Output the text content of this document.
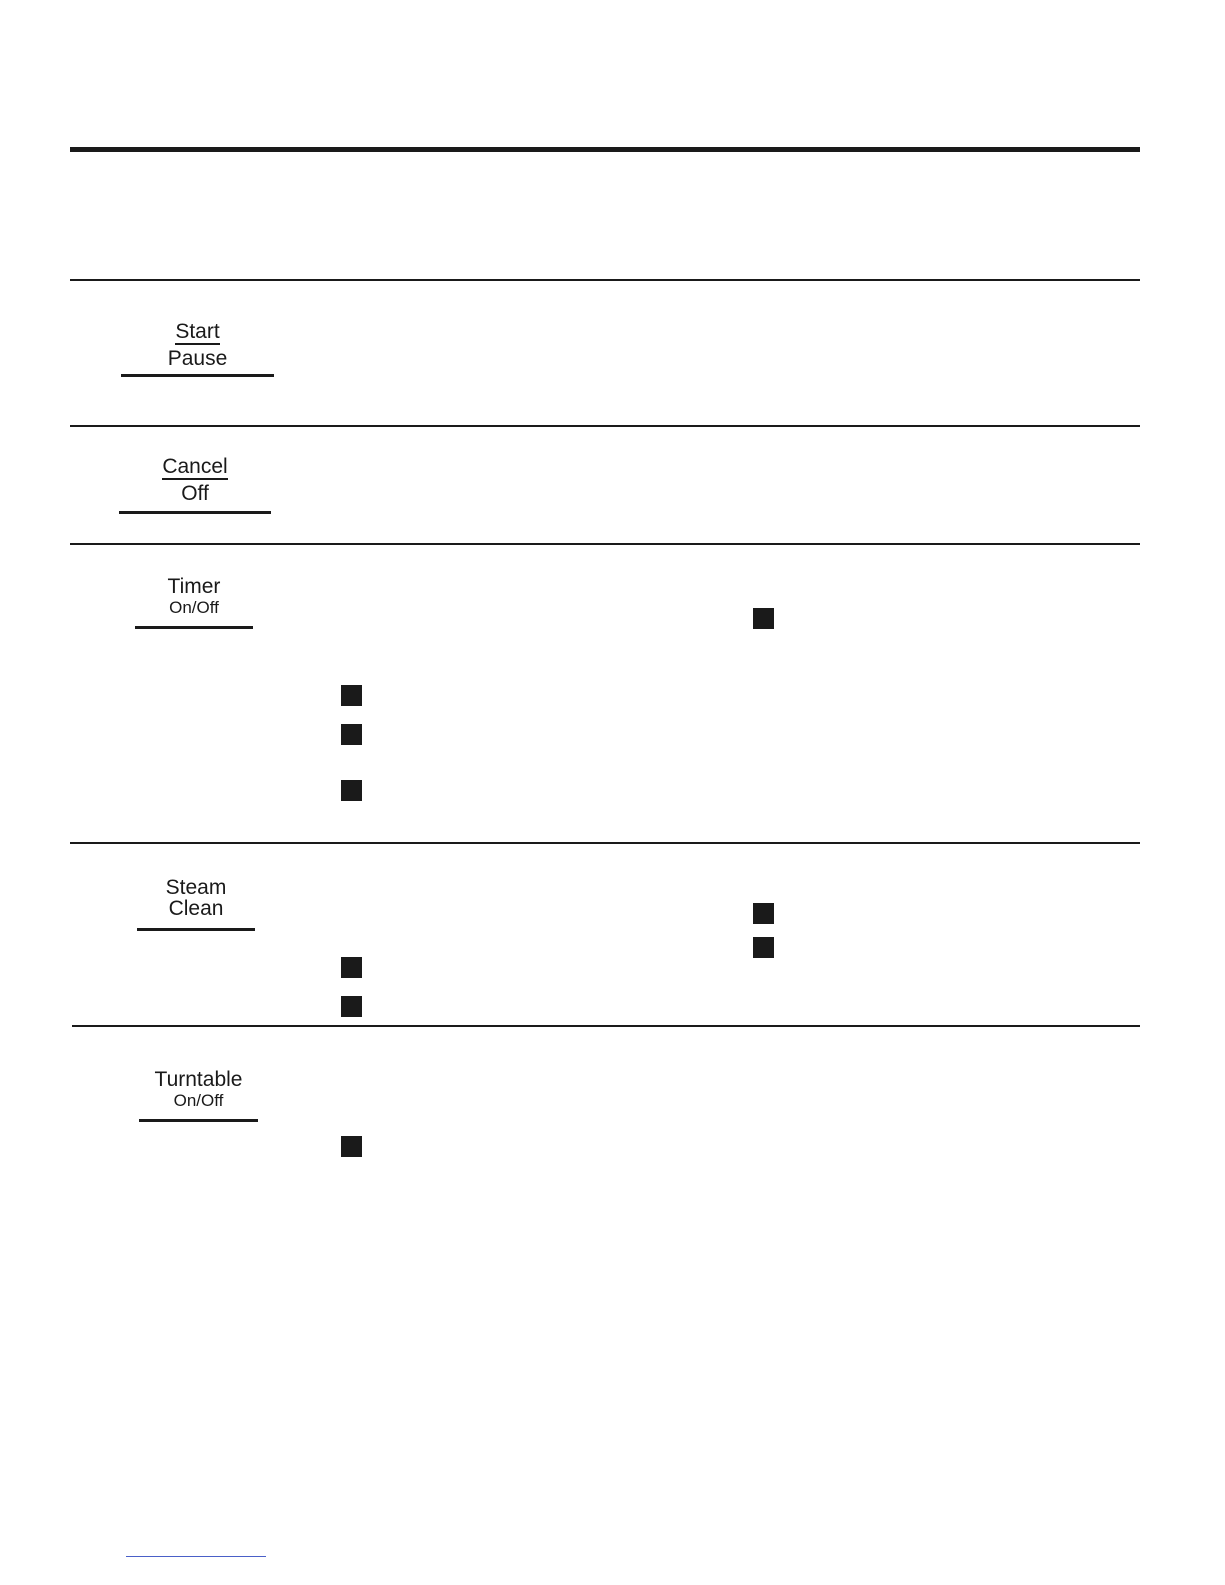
Start
Pause
Cancel
Off
Timer
On/Off
Steam
Clean
Turntable
On/Off
